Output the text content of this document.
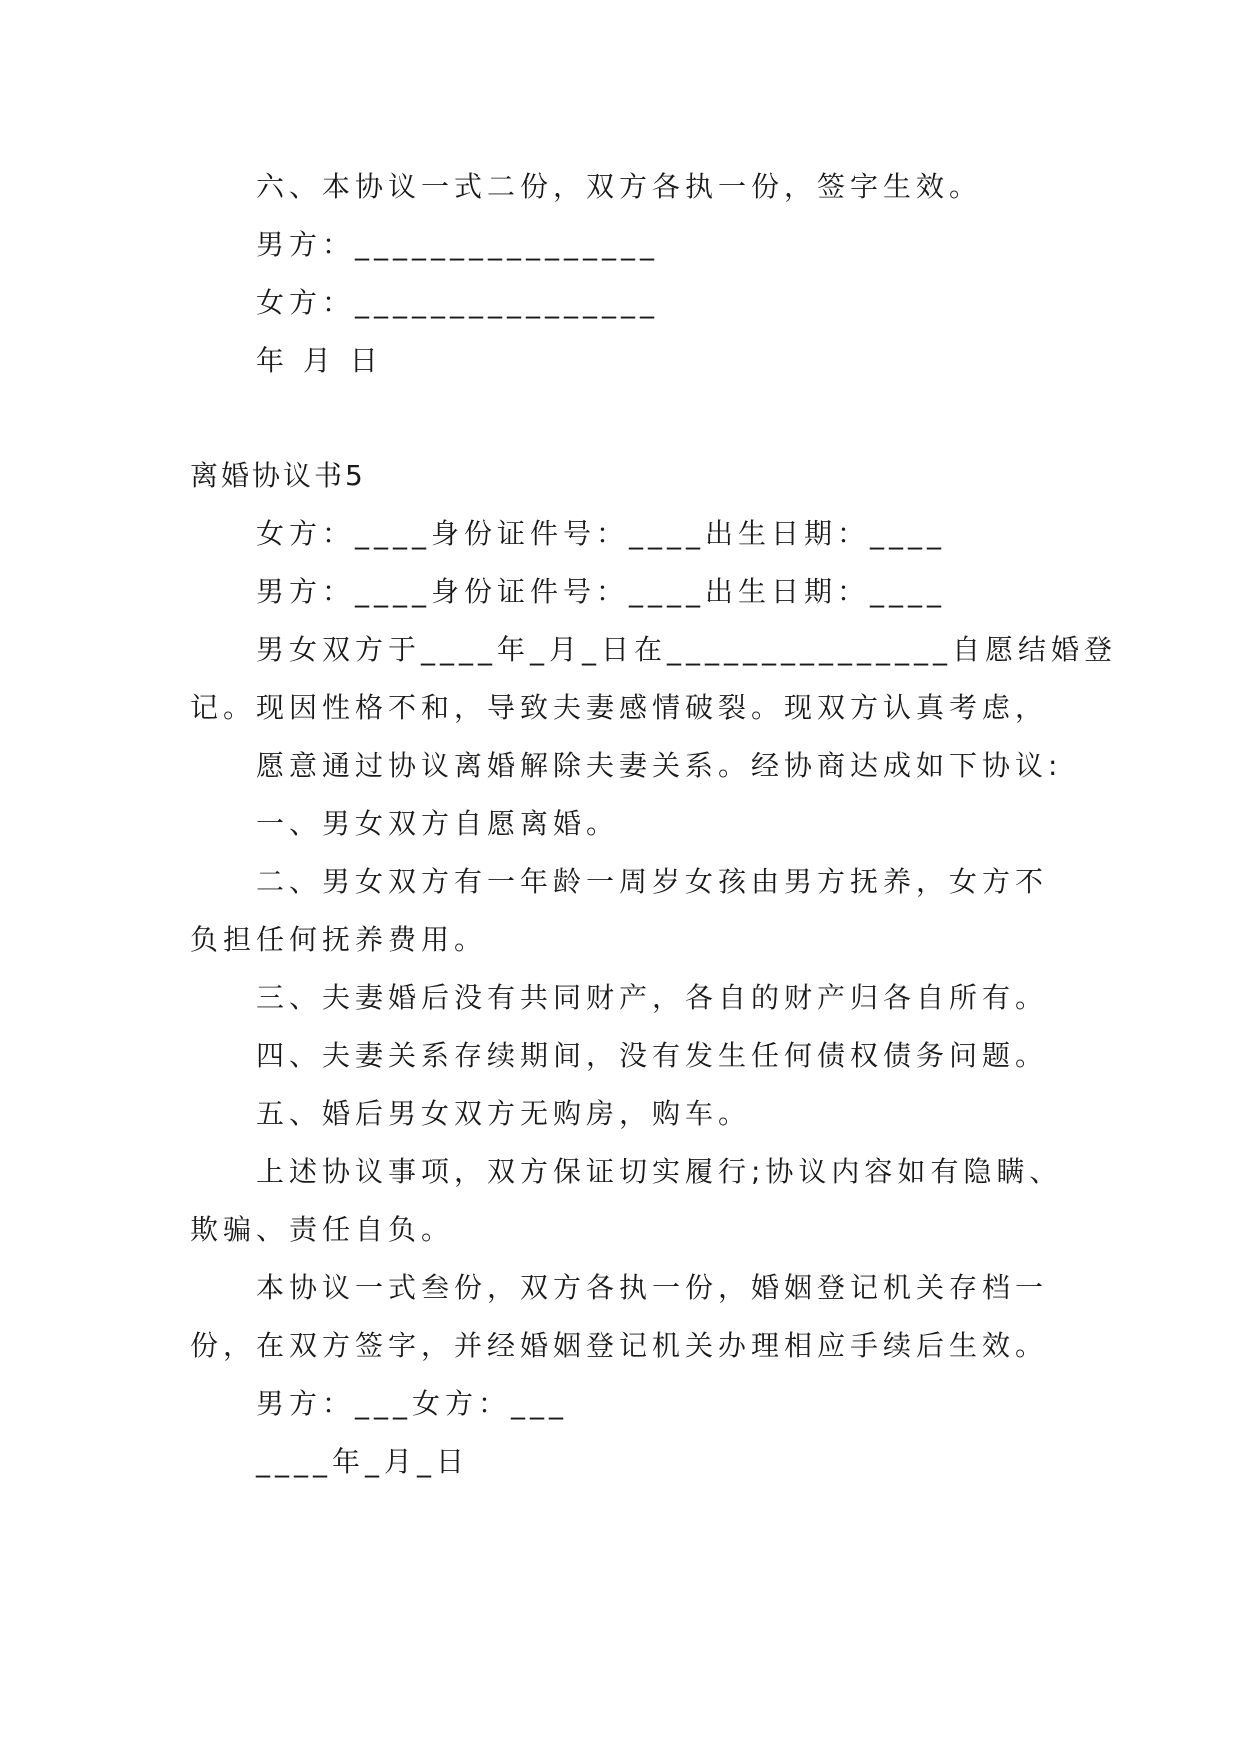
六、本协议一式二份，双方各执一份，签字生效。
男方：________________
女方：________________
年 月 日
离婚协议书5
女方：____身份证件号：____出生日期：____
男方：____身份证件号：____出生日期：____
男女双方于____年_月_日在_______________自愿结婚登
记。现因性格不和，导致夫妻感情破裂。现双方认真考虑，
愿意通过协议离婚解除夫妻关系。经协商达成如下协议:
一、男女双方自愿离婚。
二、男女双方有一年龄一周岁女孩由男方抚养，女方不
负担任何抚养费用。
三、夫妻婚后没有共同财产，各自的财产归各自所有。
四、夫妻关系存续期间，没有发生任何债权债务问题。
五、婚后男女双方无购房，购车。
上述协议事项，双方保证切实履行;协议内容如有隐瞒、
欺骗、责任自负。
本协议一式叁份，双方各执一份，婚姻登记机关存档一
份，在双方签字，并经婚姻登记机关办理相应手续后生效。
男方：___女方：___
____年_月_日
